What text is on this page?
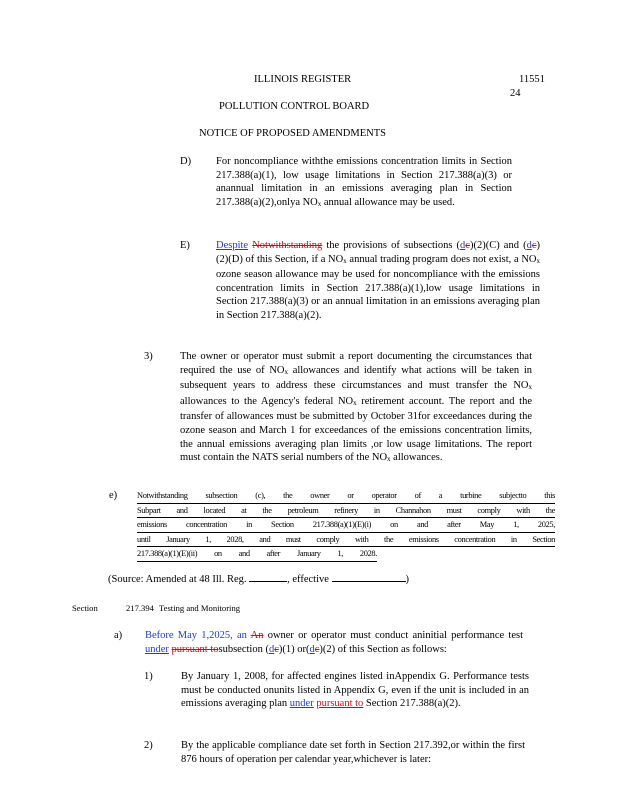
ILLINOIS REGISTER	11551
24
POLLUTION CONTROL BOARD
NOTICE OF PROPOSED AMENDMENTS
D) For noncompliance withthe emissions concentration limits in Section 217.388(a)(1), low usage limitations in Section 217.388(a)(3) or anannual limitation in an emissions averaging plan in Section 217.388(a)(2),onlya NOx annual allowance may be used.
E) Despite Notwithstanding the provisions of subsections (dc)(2)(C) and (dc)(2)(D) of this Section, if a NOx annual trading program does not exist, a NOx ozone season allowance may be used for noncompliance with the emissions concentration limits in Section 217.388(a)(1),low usage limitations in Section 217.388(a)(3) or an annual limitation in an emissions averaging plan in Section 217.388(a)(2).
3)	The owner or operator must submit a report documenting the circumstances that required the use of NOx allowances and identify what actions will be taken in subsequent years to address these circumstances and must transfer the NOx allowances to the Agency's federal NOx retirement account. The report and the transfer of allowances must be submitted by October 31for exceedances during the ozone season and March 1 for exceedances of the emissions concentration limits, the annual emissions averaging plan limits ,or low usage limitations. The report must contain the NATS serial numbers of the NOx allowances.
e) Notwithstanding subsection (c), the owner or operator of a turbine subjectto this
Subpart and located at the petroleum refinery in Channahon must comply with the
emissions concentration in Section 217.388(a)(1)(E)(i) on and after May 1, 2025,
until January 1, 2028, and must comply with the emissions concentration in Section
217.388(a)(1)(E)(ii) on and after January 1, 2028.
(Source: Amended at 48 Ill. Reg.	, effective	)
Section	217.394 Testing and Monitoring
a) Before May 1,2025, an An owner or operator must conduct aninitial performance test under pursuant tosubsection (dc)(1) or(dc)(2) of this Section as follows:
1)	By January 1, 2008, for affected engines listed inAppendix G. Performance tests must be conducted onunits listed in Appendix G, even if the unit is included in an emissions averaging plan under pursuant to Section 217.388(a)(2).
2)	By the applicable compliance date set forth in Section 217.392,or within the first 876 hours of operation per calendar year,whichever is later:
